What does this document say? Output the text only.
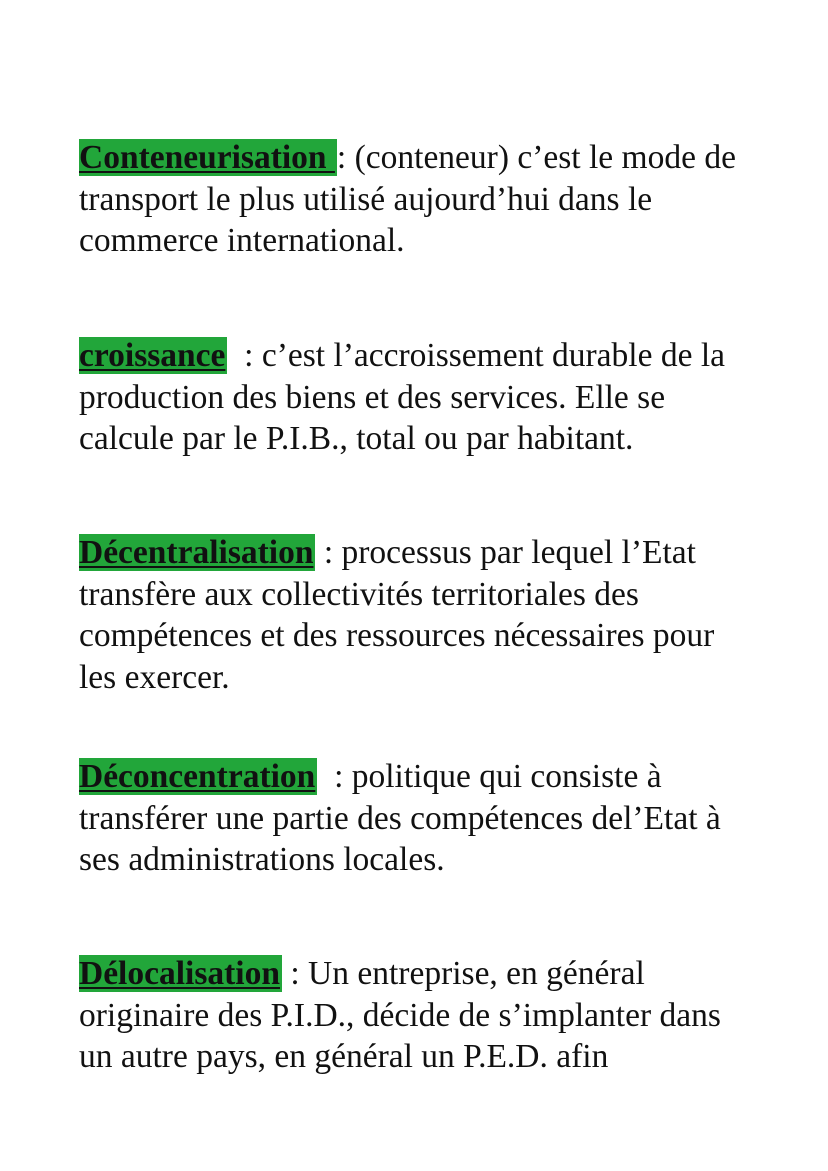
Conteneurisation : (conteneur) c’est le mode de transport le plus utilisé aujourd’hui dans le commerce international.

croissance  : c’est l’accroissement durable de la production des biens et des services. Elle se calcule par le P.I.B., total ou par habitant.

Décentralisation : processus par lequel l’Etat transfère aux collectivités territoriales des compétences et des ressources nécessaires pour les exercer.

Déconcentration  : politique qui consiste à transférer une partie des compétences del’Etat à ses administrations locales.

Délocalisation : Un entreprise, en général originaire des P.I.D., décide de s’implanter dans un autre pays, en général un P.E.D. afin
